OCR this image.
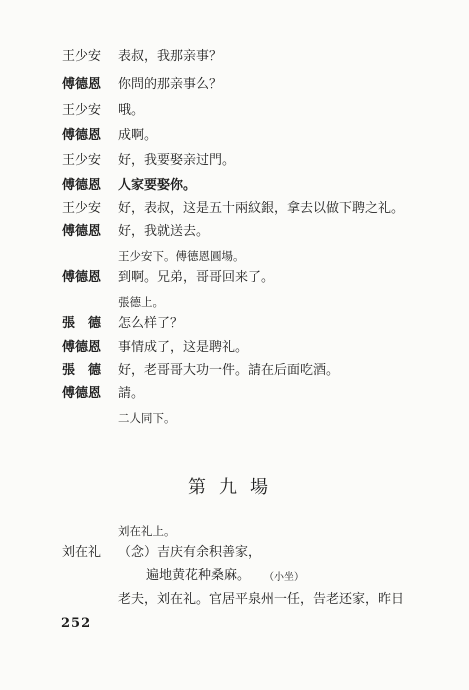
王少安	表叔，我那亲事？
傅德恩	你問的那亲事么？
王少安	哦。
傅德恩	成啊。
王少安	好，我要娶亲过門。
傅德恩	人家要娶你。
王少安	好，表叔，这是五十兩紋銀，拿去以做下聘之礼。
傅德恩	好，我就送去。
王少安下。傅德恩圓場。
傅德恩	到啊。兄弟，哥哥回来了。
張德上。
張　德	怎么样了？
傅德恩	事情成了，这是聘礼。
張　德	好，老哥哥大功一件。請在后面吃酒。
傅德恩	請。
二人同下。
第九場
刘在礼上。
刘在礼	（念）吉庆有余积善家，
遍地黄花种桑麻。 （小坐）
老夫，刘在礼。官居平泉州一任，告老还家，昨日
252
